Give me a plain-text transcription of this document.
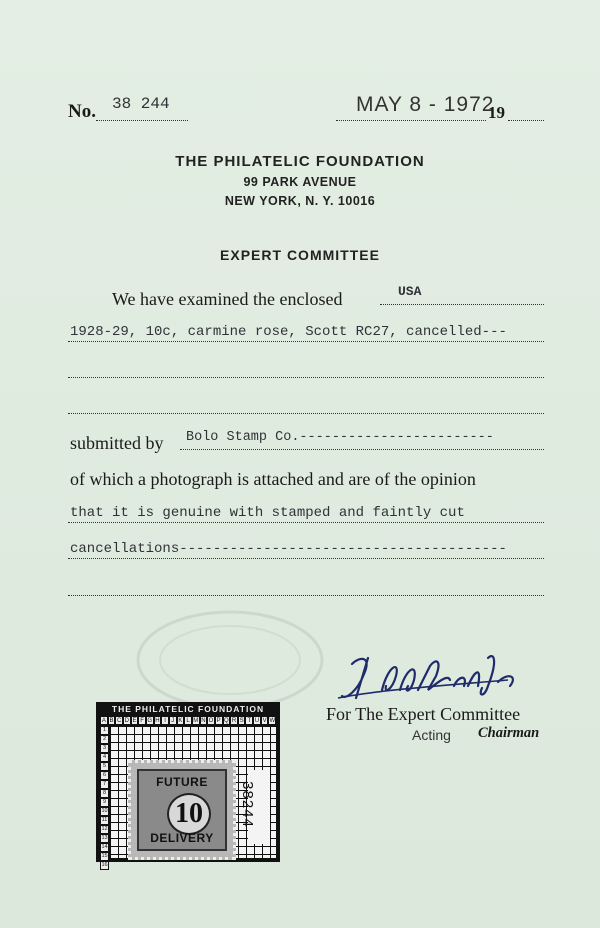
No. 38 244	MAY 8 - 1972
19
THE PHILATELIC FOUNDATION
99 PARK AVENUE
NEW YORK, N. Y. 10016
EXPERT COMMITTEE
We have examined the enclosed	USA
1928-29, 10c, carmine rose, Scott RC27, cancelled---
submitted by Bolo Stamp Co.------------------------
of which a photograph is attached and are of the opinion
that it is genuine with stamped and faintly cut
cancellations---------------------------------------
For The Expert Committee
Acting Chairman
THE PHILATELIC FOUNDATION
A B C D E F G H I J K L M N O P Q R S T U V W
1
2
3
4
5
6
7
8
9
10
11
12
13
14
15
16
FUTURE
10
DELIVERY
38244
